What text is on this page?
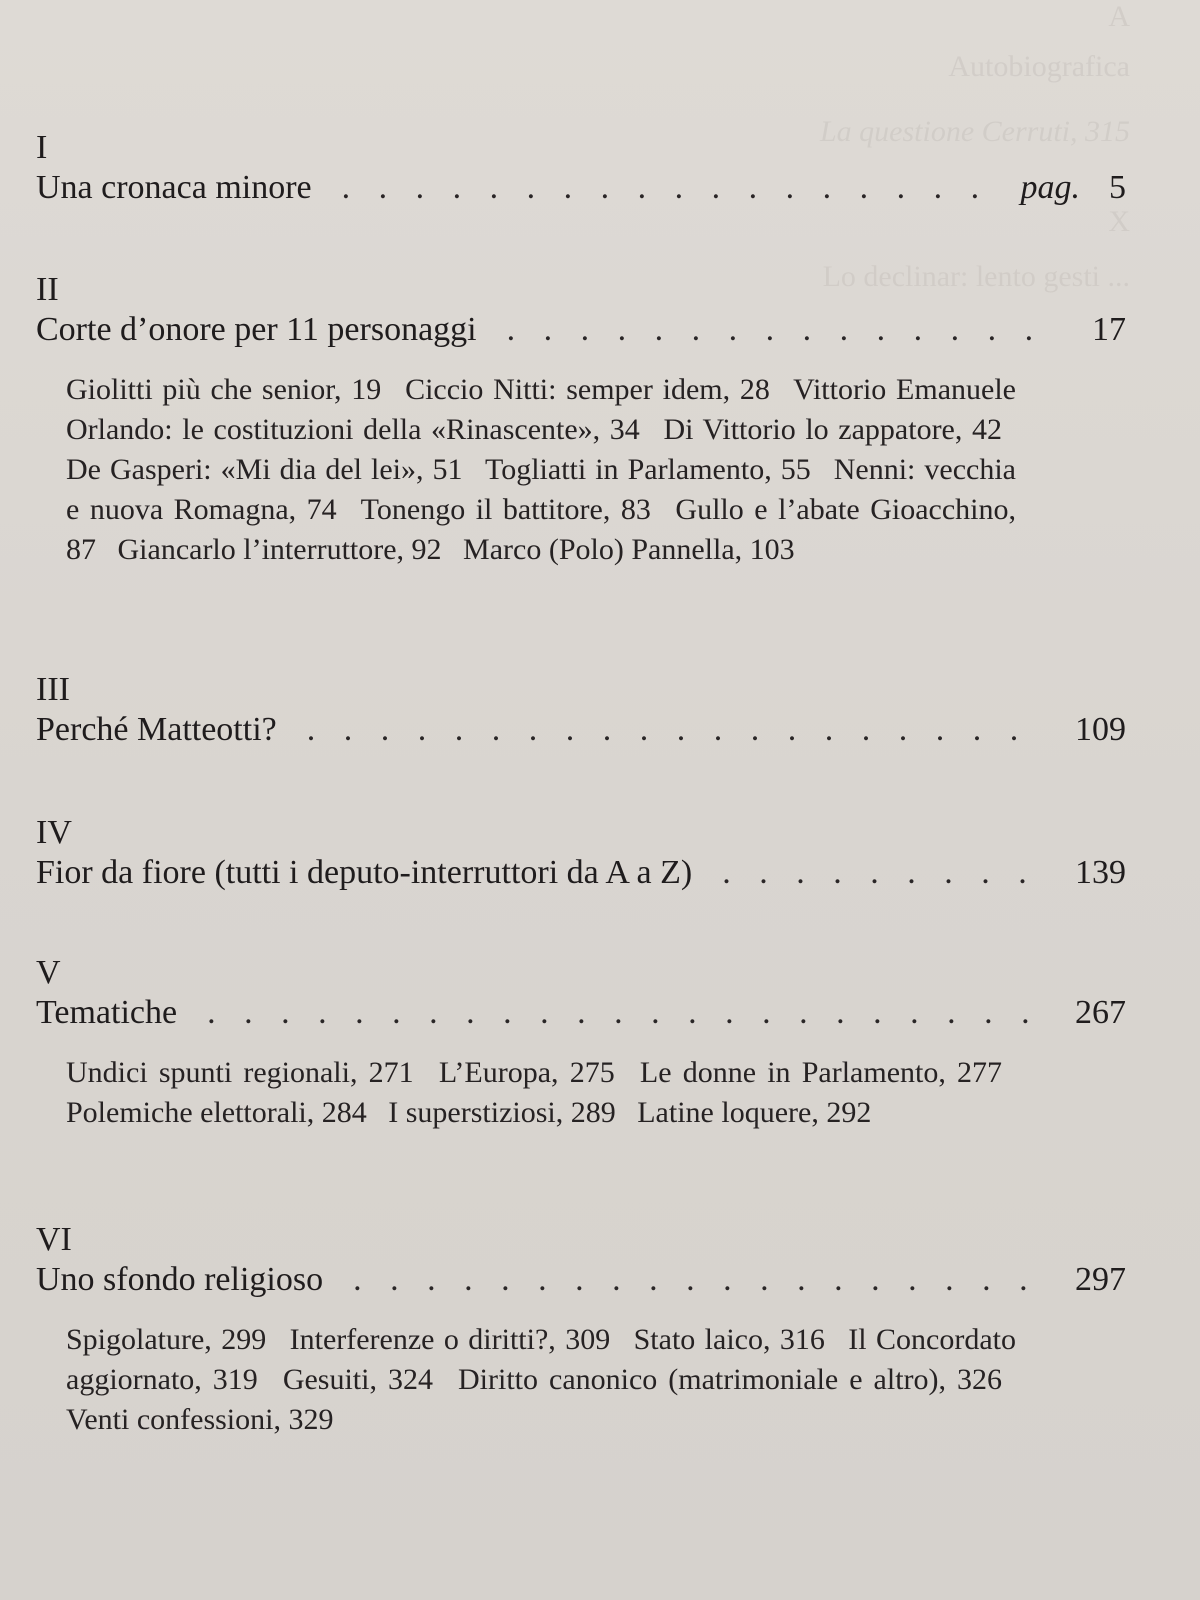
Autobiografica
La questione Cerruti, 315
X
Lo declinar: lento gesti ...
A
I
Una cronaca minore . . .	pag. 5
II
Corte d’onore per 11 personaggi . . .	17
Giolitti più che senior, 19 Ciccio Nitti: semper idem, 28 Vittorio Emanuele Orlando: le costituzioni della «Rinascente», 34 Di Vittorio lo zappatore, 42 De Gasperi: «Mi dia del lei», 51 Togliatti in Parlamento, 55 Nenni: vecchia e nuova Romagna, 74 Tonengo il battitore, 83 Gullo e l’abate Gioacchino, 87 Giancarlo l’interruttore, 92 Marco (Polo) Pannella, 103
III
Perché Matteotti? . . .	109
IV
Fior da fiore (tutti i deputo-interruttori da A a Z) . . .	139
V
Tematiche . . .	267
Undici spunti regionali, 271 L’Europa, 275 Le donne in Parlamento, 277 Polemiche elettorali, 284 I superstiziosi, 289 Latine loquere, 292
VI
Uno sfondo religioso . . .	297
Spigolature, 299 Interferenze o diritti?, 309 Stato laico, 316 Il Concordato aggiornato, 319 Gesuiti, 324 Diritto canonico (matrimoniale e altro), 326 Venti confessioni, 329
